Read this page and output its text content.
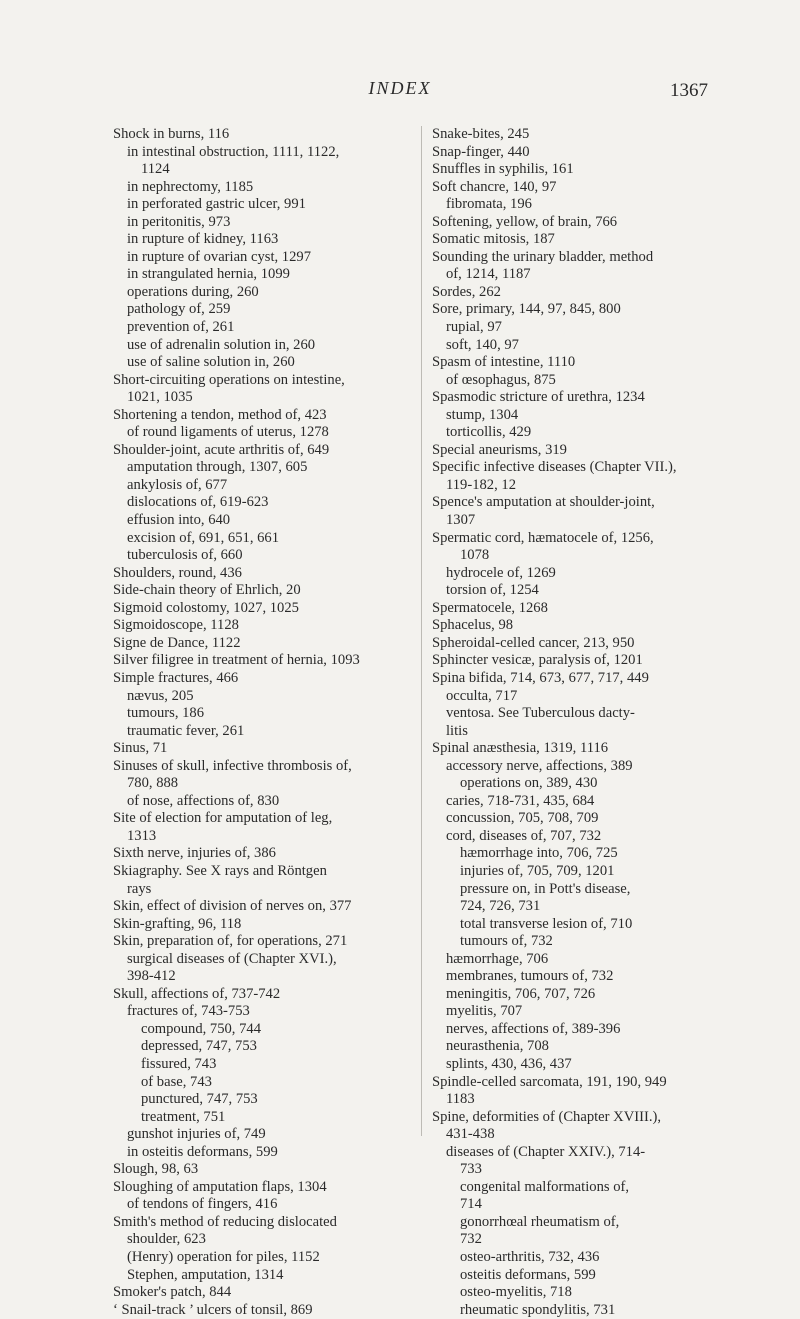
INDEX	1367
Shock in burns, 116
in intestinal obstruction, 1111, 1122,
1124
in nephrectomy, 1185
in perforated gastric ulcer, 991
in peritonitis, 973
in rupture of kidney, 1163
in rupture of ovarian cyst, 1297
in strangulated hernia, 1099
operations during, 260
pathology of, 259
prevention of, 261
use of adrenalin solution in, 260
use of saline solution in, 260
Short-circuiting operations on intestine,
1021, 1035
Shortening a tendon, method of, 423
of round ligaments of uterus, 1278
Shoulder-joint, acute arthritis of, 649
amputation through, 1307, 605
ankylosis of, 677
dislocations of, 619-623
effusion into, 640
excision of, 691, 651, 661
tuberculosis of, 660
Shoulders, round, 436
Side-chain theory of Ehrlich, 20
Sigmoid colostomy, 1027, 1025
Sigmoidoscope, 1128
Signe de Dance, 1122
Silver filigree in treatment of hernia, 1093
Simple fractures, 466
nævus, 205
tumours, 186
traumatic fever, 261
Sinus, 71
Sinuses of skull, infective thrombosis of,
780, 888
of nose, affections of, 830
Site of election for amputation of leg,
1313
Sixth nerve, injuries of, 386
Skiagraphy. See X rays and Röntgen
rays
Skin, effect of division of nerves on, 377
Skin-grafting, 96, 118
Skin, preparation of, for operations, 271
surgical diseases of (Chapter XVI.),
398-412
Skull, affections of, 737-742
fractures of, 743-753
compound, 750, 744
depressed, 747, 753
fissured, 743
of base, 743
punctured, 747, 753
treatment, 751
gunshot injuries of, 749
in osteitis deformans, 599
Slough, 98, 63
Sloughing of amputation flaps, 1304
of tendons of fingers, 416
Smith's method of reducing dislocated
shoulder, 623
(Henry) operation for piles, 1152
Stephen, amputation, 1314
Smoker's patch, 844
‘ Snail-track ’ ulcers of tonsil, 869
Snake-bites, 245
Snap-finger, 440
Snuffles in syphilis, 161
Soft chancre, 140, 97
fibromata, 196
Softening, yellow, of brain, 766
Somatic mitosis, 187
Sounding the urinary bladder, method
of, 1214, 1187
Sordes, 262
Sore, primary, 144, 97, 845, 800
rupial, 97
soft, 140, 97
Spasm of intestine, 1110
of œsophagus, 875
Spasmodic stricture of urethra, 1234
stump, 1304
torticollis, 429
Special aneurisms, 319
Specific infective diseases (Chapter VII.),
119-182, 12
Spence's amputation at shoulder-joint,
1307
Spermatic cord, hæmatocele of, 1256,
1078
hydrocele of, 1269
torsion of, 1254
Spermatocele, 1268
Sphacelus, 98
Spheroidal-celled cancer, 213, 950
Sphincter vesicæ, paralysis of, 1201
Spina bifida, 714, 673, 677, 717, 449
occulta, 717
ventosa. See Tuberculous dacty-
litis
Spinal anæsthesia, 1319, 1116
accessory nerve, affections, 389
operations on, 389, 430
caries, 718-731, 435, 684
concussion, 705, 708, 709
cord, diseases of, 707, 732
hæmorrhage into, 706, 725
injuries of, 705, 709, 1201
pressure on, in Pott's disease,
724, 726, 731
total transverse lesion of, 710
tumours of, 732
hæmorrhage, 706
membranes, tumours of, 732
meningitis, 706, 707, 726
myelitis, 707
nerves, affections of, 389-396
neurasthenia, 708
splints, 430, 436, 437
Spindle-celled sarcomata, 191, 190, 949
1183
Spine, deformities of (Chapter XVIII.),
431-438
diseases of (Chapter XXIV.), 714-
733
congenital malformations of,
714
gonorrhœal rheumatism of,
732
osteo-arthritis, 732, 436
osteitis deformans, 599
osteo-myelitis, 718
rheumatic spondylitis, 731
